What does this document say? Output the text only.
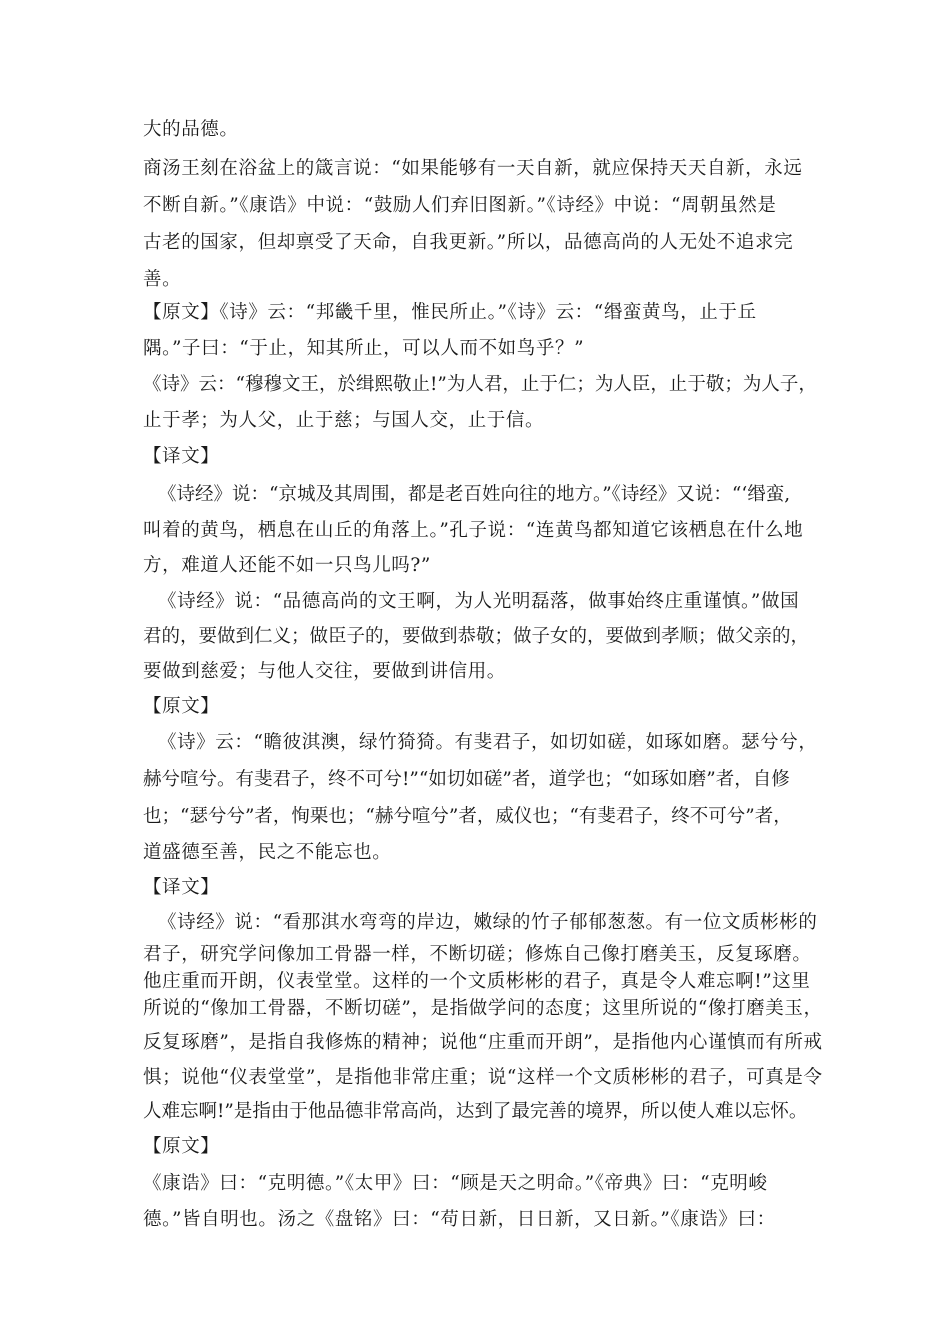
大的品德。
商汤王刻在浴盆上的箴言说：“如果能够有一天自新，就应保持天天自新，永远
不断自新。”《康诰》中说：“鼓励人们弃旧图新。”《诗经》中说：“周朝虽然是
古老的国家，但却禀受了天命，自我更新。”所以，品德高尚的人无处不追求完
善。
【原文】《诗》云：“邦畿千里，惟民所止。”《诗》云：“缗蛮黄鸟，止于丘
隅。”子曰：“于止，知其所止，可以人而不如鸟乎？”
《诗》云：“穆穆文王，於缉熙敬止!”为人君，止于仁；为人臣，止于敬；为人子，
止于孝；为人父，止于慈；与国人交，止于信。
【译文】
《诗经》说：“京城及其周围，都是老百姓向往的地方。”《诗经》又说：“‘缗蛮,
叫着的黄鸟，栖息在山丘的角落上。”孔子说：“连黄鸟都知道它该栖息在什么地
方，难道人还能不如一只鸟儿吗?”
《诗经》说：“品德高尚的文王啊，为人光明磊落，做事始终庄重谨慎。”做国
君的，要做到仁义；做臣子的，要做到恭敬；做子女的，要做到孝顺；做父亲的，
要做到慈爱；与他人交往，要做到讲信用。
【原文】
《诗》云：“瞻彼淇澳，绿竹猗猗。有斐君子，如切如磋，如琢如磨。瑟兮兮，
赫兮喧兮。有斐君子，终不可兮!”“如切如磋”者，道学也；“如琢如磨”者，自修
也；“瑟兮兮”者，恂栗也；“赫兮喧兮”者，威仪也；“有斐君子，终不可兮”者，
道盛德至善，民之不能忘也。
【译文】
《诗经》说：“看那淇水弯弯的岸边，嫩绿的竹子郁郁葱葱。有一位文质彬彬的
君子，研究学问像加工骨器一样，不断切磋；修炼自己像打磨美玉，反复琢磨。
他庄重而开朗，仪表堂堂。这样的一个文质彬彬的君子，真是令人难忘啊!”这里
所说的“像加工骨器，不断切磋”，是指做学问的态度；这里所说的“像打磨美玉，
反复琢磨”，是指自我修炼的精神；说他“庄重而开朗”，是指他内心谨慎而有所戒
惧；说他“仪表堂堂”，是指他非常庄重；说“这样一个文质彬彬的君子，可真是令
人难忘啊!”是指由于他品德非常高尚，达到了最完善的境界，所以使人难以忘怀。
【原文】
《康诰》曰：“克明德。”《太甲》曰：“顾是天之明命。”《帝典》曰：“克明峻
德。”皆自明也。汤之《盘铭》曰：“苟日新，日日新，又日新。”《康诰》曰：
